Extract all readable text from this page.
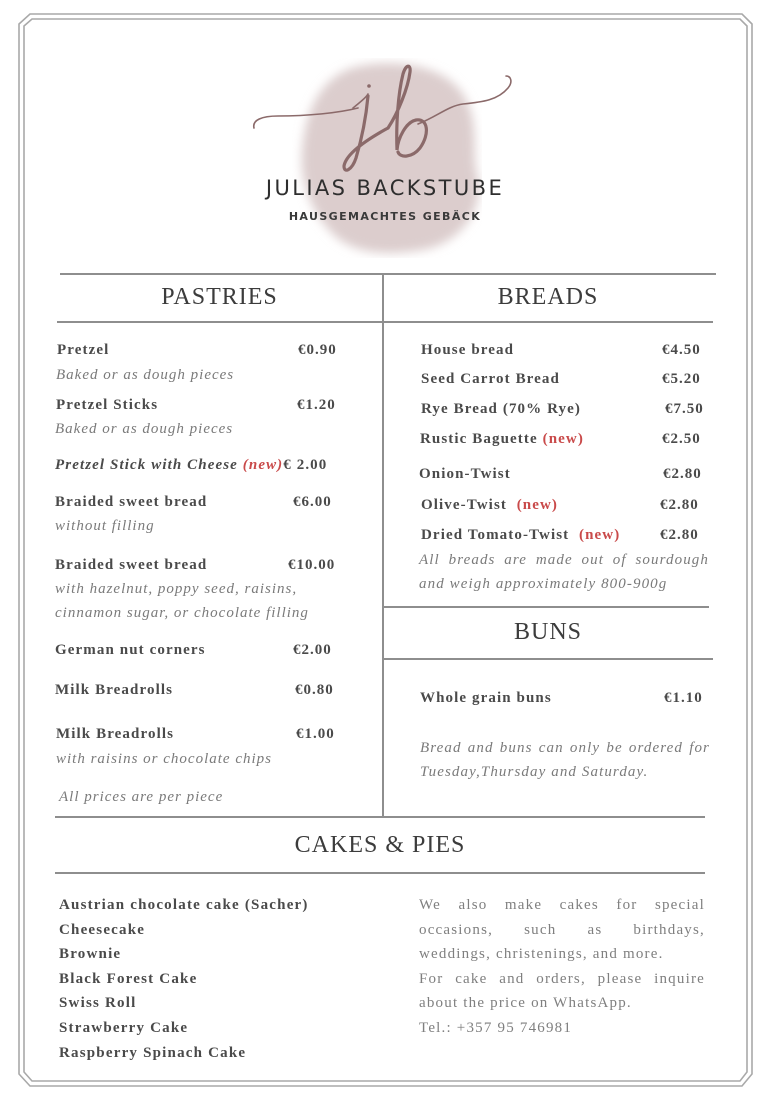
JULIAS BACKSTUBE
HAUSGEMACHTES GEBÄCK
PASTRIES
Pretzel	€0.90
Baked or as dough pieces
Pretzel Sticks	€1.20
Baked or as dough pieces
Pretzel Stick with Cheese (new)€ 2.00
Braided sweet bread	€6.00
without filling
Braided sweet bread	€10.00
with hazelnut, poppy seed, raisins,
cinnamon sugar, or chocolate filling
German nut corners	€2.00
Milk Breadrolls	€0.80
Milk Breadrolls	€1.00
with raisins or chocolate chips
All prices are per piece
BREADS
House bread	€4.50
Seed Carrot Bread	€5.20
Rye Bread (70% Rye)	€7.50
Rustic Baguette (new)	€2.50
Onion-Twist	€2.80
Olive-Twist (new)	€2.80
Dried Tomato-Twist (new)	€2.80
All breads are made out of sourdough
and weigh approximately 800-900g
BUNS
Whole grain buns	€1.10
Bread and buns can only be ordered for
Tuesday,Thursday and Saturday.
CAKES & PIES
Austrian chocolate cake (Sacher)
Cheesecake
Brownie
Black Forest Cake
Swiss Roll
Strawberry Cake
Raspberry Spinach Cake
We also make cakes for special
occasions, such as birthdays,
weddings, christenings, and more.
For cake and orders, please inquire
about the price on WhatsApp.
Tel.: +357 95 746981
